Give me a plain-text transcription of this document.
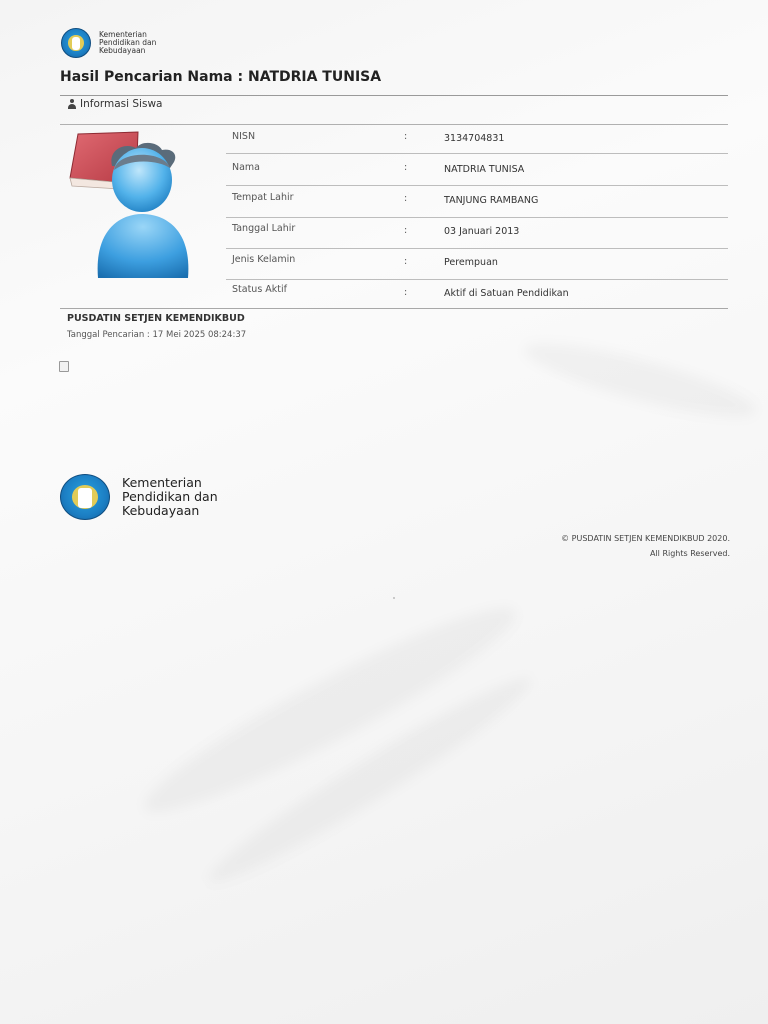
Kementerian
Pendidikan dan
Kebudayaan
Hasil Pencarian Nama : NATDRIA TUNISA
Informasi Siswa
NISN	:	3134704831
Nama	:	NATDRIA TUNISA
Tempat Lahir	:	TANJUNG RAMBANG
Tanggal Lahir	:	03 Januari 2013
Jenis Kelamin	:	Perempuan
Status Aktif	:	Aktif di Satuan Pendidikan
PUSDATIN SETJEN KEMENDIKBUD
Tanggal Pencarian : 17 Mei 2025 08:24:37
Kementerian
Pendidikan dan
Kebudayaan
© PUSDATIN SETJEN KEMENDIKBUD 2020.
All Rights Reserved.
